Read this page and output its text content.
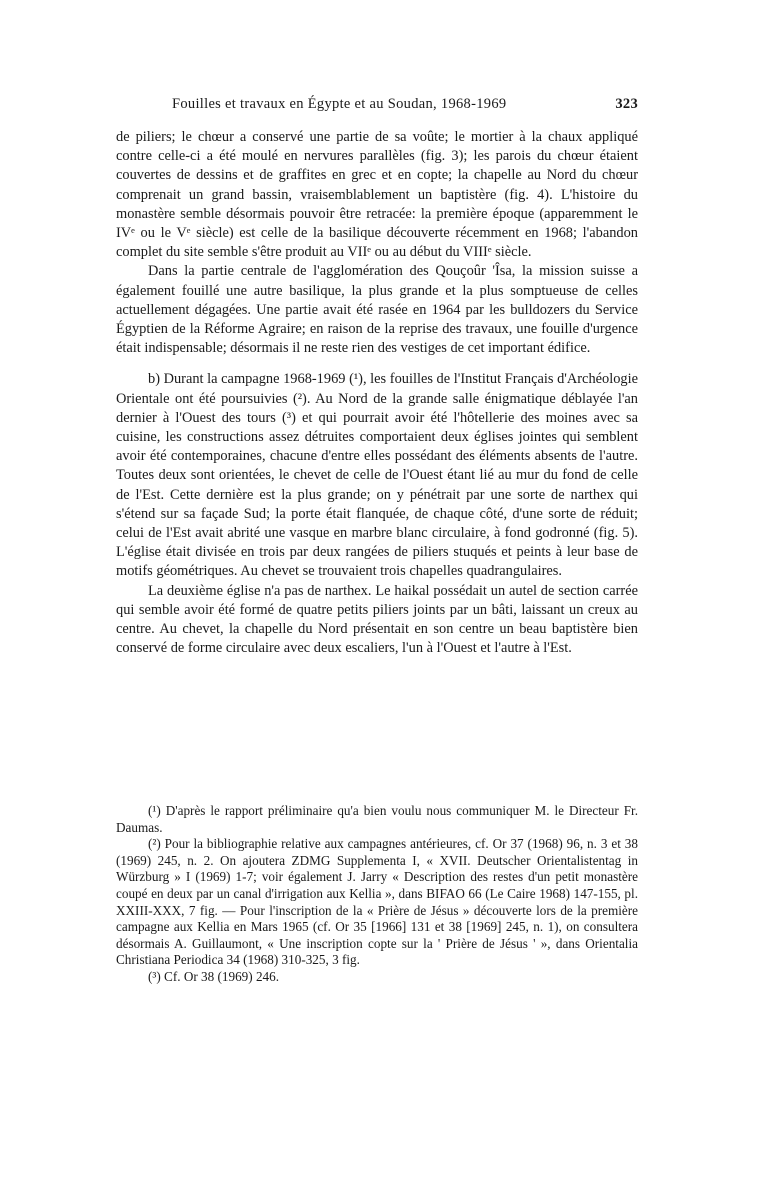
Fouilles et travaux en Égypte et au Soudan, 1968-1969	323

de piliers; le chœur a conservé une partie de sa voûte; le mortier à la chaux appliqué contre celle-ci a été moulé en nervures parallèles (fig. 3); les parois du chœur étaient couvertes de dessins et de graffites en grec et en copte; la chapelle au Nord du chœur comprenait un grand bassin, vraisemblablement un baptistère (fig. 4). L'histoire du monastère semble désormais pouvoir être retracée: la première époque (apparemment le IVᵉ ou le Vᵉ siècle) est celle de la basilique découverte récemment en 1968; l'abandon complet du site semble s'être produit au VIIᵉ ou au début du VIIIᵉ siècle.

Dans la partie centrale de l'agglomération des Qouçoûr 'Îsa, la mission suisse a également fouillé une autre basilique, la plus grande et la plus somptueuse de celles actuellement dégagées. Une partie avait été rasée en 1964 par les bulldozers du Service Égyptien de la Réforme Agraire; en raison de la reprise des travaux, une fouille d'urgence était indispensable; désormais il ne reste rien des vestiges de cet important édifice.

b) Durant la campagne 1968-1969 (¹), les fouilles de l'Institut Français d'Archéologie Orientale ont été poursuivies (²). Au Nord de la grande salle énigmatique déblayée l'an dernier à l'Ouest des tours (³) et qui pourrait avoir été l'hôtellerie des moines avec sa cuisine, les constructions assez détruites comportaient deux églises jointes qui semblent avoir été contemporaines, chacune d'entre elles possédant des éléments absents de l'autre. Toutes deux sont orientées, le chevet de celle de l'Ouest étant lié au mur du fond de celle de l'Est. Cette dernière est la plus grande; on y pénétrait par une sorte de narthex qui s'étend sur sa façade Sud; la porte était flanquée, de chaque côté, d'une sorte de réduit; celui de l'Est avait abrité une vasque en marbre blanc circulaire, à fond godronné (fig. 5). L'église était divisée en trois par deux rangées de piliers stuqués et peints à leur base de motifs géométriques. Au chevet se trouvaient trois chapelles quadrangulaires.

La deuxième église n'a pas de narthex. Le haikal possédait un autel de section carrée qui semble avoir été formé de quatre petits piliers joints par un bâti, laissant un creux au centre. Au chevet, la chapelle du Nord présentait en son centre un beau baptistère bien conservé de forme circulaire avec deux escaliers, l'un à l'Ouest et l'autre à l'Est.

(¹) D'après le rapport préliminaire qu'a bien voulu nous communiquer M. le Directeur Fr. Daumas.

(²) Pour la bibliographie relative aux campagnes antérieures, cf. Or 37 (1968) 96, n. 3 et 38 (1969) 245, n. 2. On ajoutera ZDMG Supplementa I, « XVII. Deutscher Orientalistentag in Würzburg » I (1969) 1-7; voir également J. Jarry « Description des restes d'un petit monastère coupé en deux par un canal d'irrigation aux Kellia », dans BIFAO 66 (Le Caire 1968) 147-155, pl. XXIII-XXX, 7 fig. — Pour l'inscription de la « Prière de Jésus » découverte lors de la première campagne aux Kellia en Mars 1965 (cf. Or 35 [1966] 131 et 38 [1969] 245, n. 1), on consultera désormais A. Guillaumont, « Une inscription copte sur la ' Prière de Jésus ' », dans Orientalia Christiana Periodica 34 (1968) 310-325, 3 fig.

(³) Cf. Or 38 (1969) 246.
